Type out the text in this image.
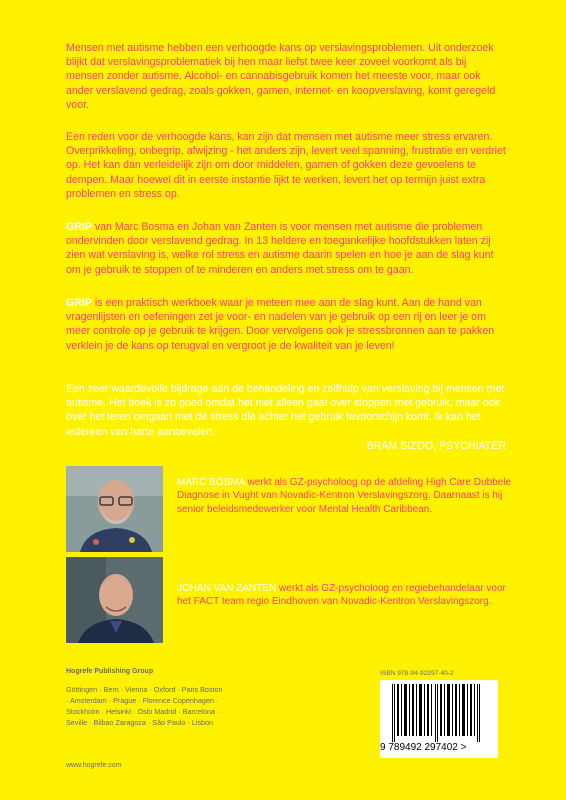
Mensen met autisme hebben een verhoogde kans op verslavingsproblemen. Uit onderzoek blijkt dat verslavingsproblematiek bij hen maar liefst twee keer zoveel voorkomt als bij mensen zonder autisme. Alcohol- en cannabisgebruik komen het meeste voor, maar ook ander verslavend gedrag, zoals gokken, gamen, internet- en koopverslaving, komt geregeld voor.

Een reden voor de verhoogde kans, kan zijn dat mensen met autisme meer stress ervaren. Overprikkeling, onbegrip, afwijzing - het anders zijn, levert veel spanning, frustratie en verdriet op. Het kan dan verleidelijk zijn om door middelen, gamen of gokken deze gevoelens te dempen. Maar hoewel dit in eerste instantie lijkt te werken, levert het op termijn juist extra problemen en stress op.

GRIP van Marc Bosma en Johan van Zanten is voor mensen met autisme die problemen ondervinden door verslavend gedrag. In 13 heldere en toegankelijke hoofdstukken laten zij zien wat verslaving is, welke rol stress en autisme daarin spelen en hoe je aan de slag kunt om je gebruik te stoppen of te minderen en anders met stress om te gaan.

GRIP is een praktisch werkboek waar je meteen mee aan de slag kunt. Aan de hand van vragenlijsten en oefeningen zet je voor- en nadelen van je gebruik op een rij en leer je om meer controle op je gebruik te krijgen. Door vervolgens ook je stressbronnen aan te pakken verklein je de kans op terugval en vergroot je de kwaliteit van je leven!

Een zeer waardevolle bijdrage aan de behandeling en zelfhulp van verslaving bij mensen met autisme. Het boek is zo goed omdat het niet alleen gaat over stoppen met gebruik, maar ook over het leren omgaan met de stress die achter het gebruik tevoorschijn komt. Ik kan het iedereen van harte aanbevelen.

BRAM SIZOO, PSYCHIATER
MARC BOSMA werkt als GZ-psycholoog op de afdeling High Care Dubbele Diagnose in Vught van Novadic-Kentron Verslavingszorg. Daarnaast is hij senior beleidsmedewerker voor Mental Health Caribbean.
JOHAN VAN ZANTEN werkt als GZ-psycholoog en regiebehandelaar voor het FACT team regio Eindhoven van Novadic-Kentron Verslavingszorg.
Hogrefe Publishing Group
Göttingen · Bern · Vienna · Oxford · Paris Boston · Amsterdam · Prague · Florence Copenhagen · Stockholm · Helsinki · Oslo Madrid · Barcelona · Seville · Bilbao Zaragoza · São Paulo · Lisbon
www.hogrefe.com
ISBN 978-94-92297-40-2
9 789492 297402 >
